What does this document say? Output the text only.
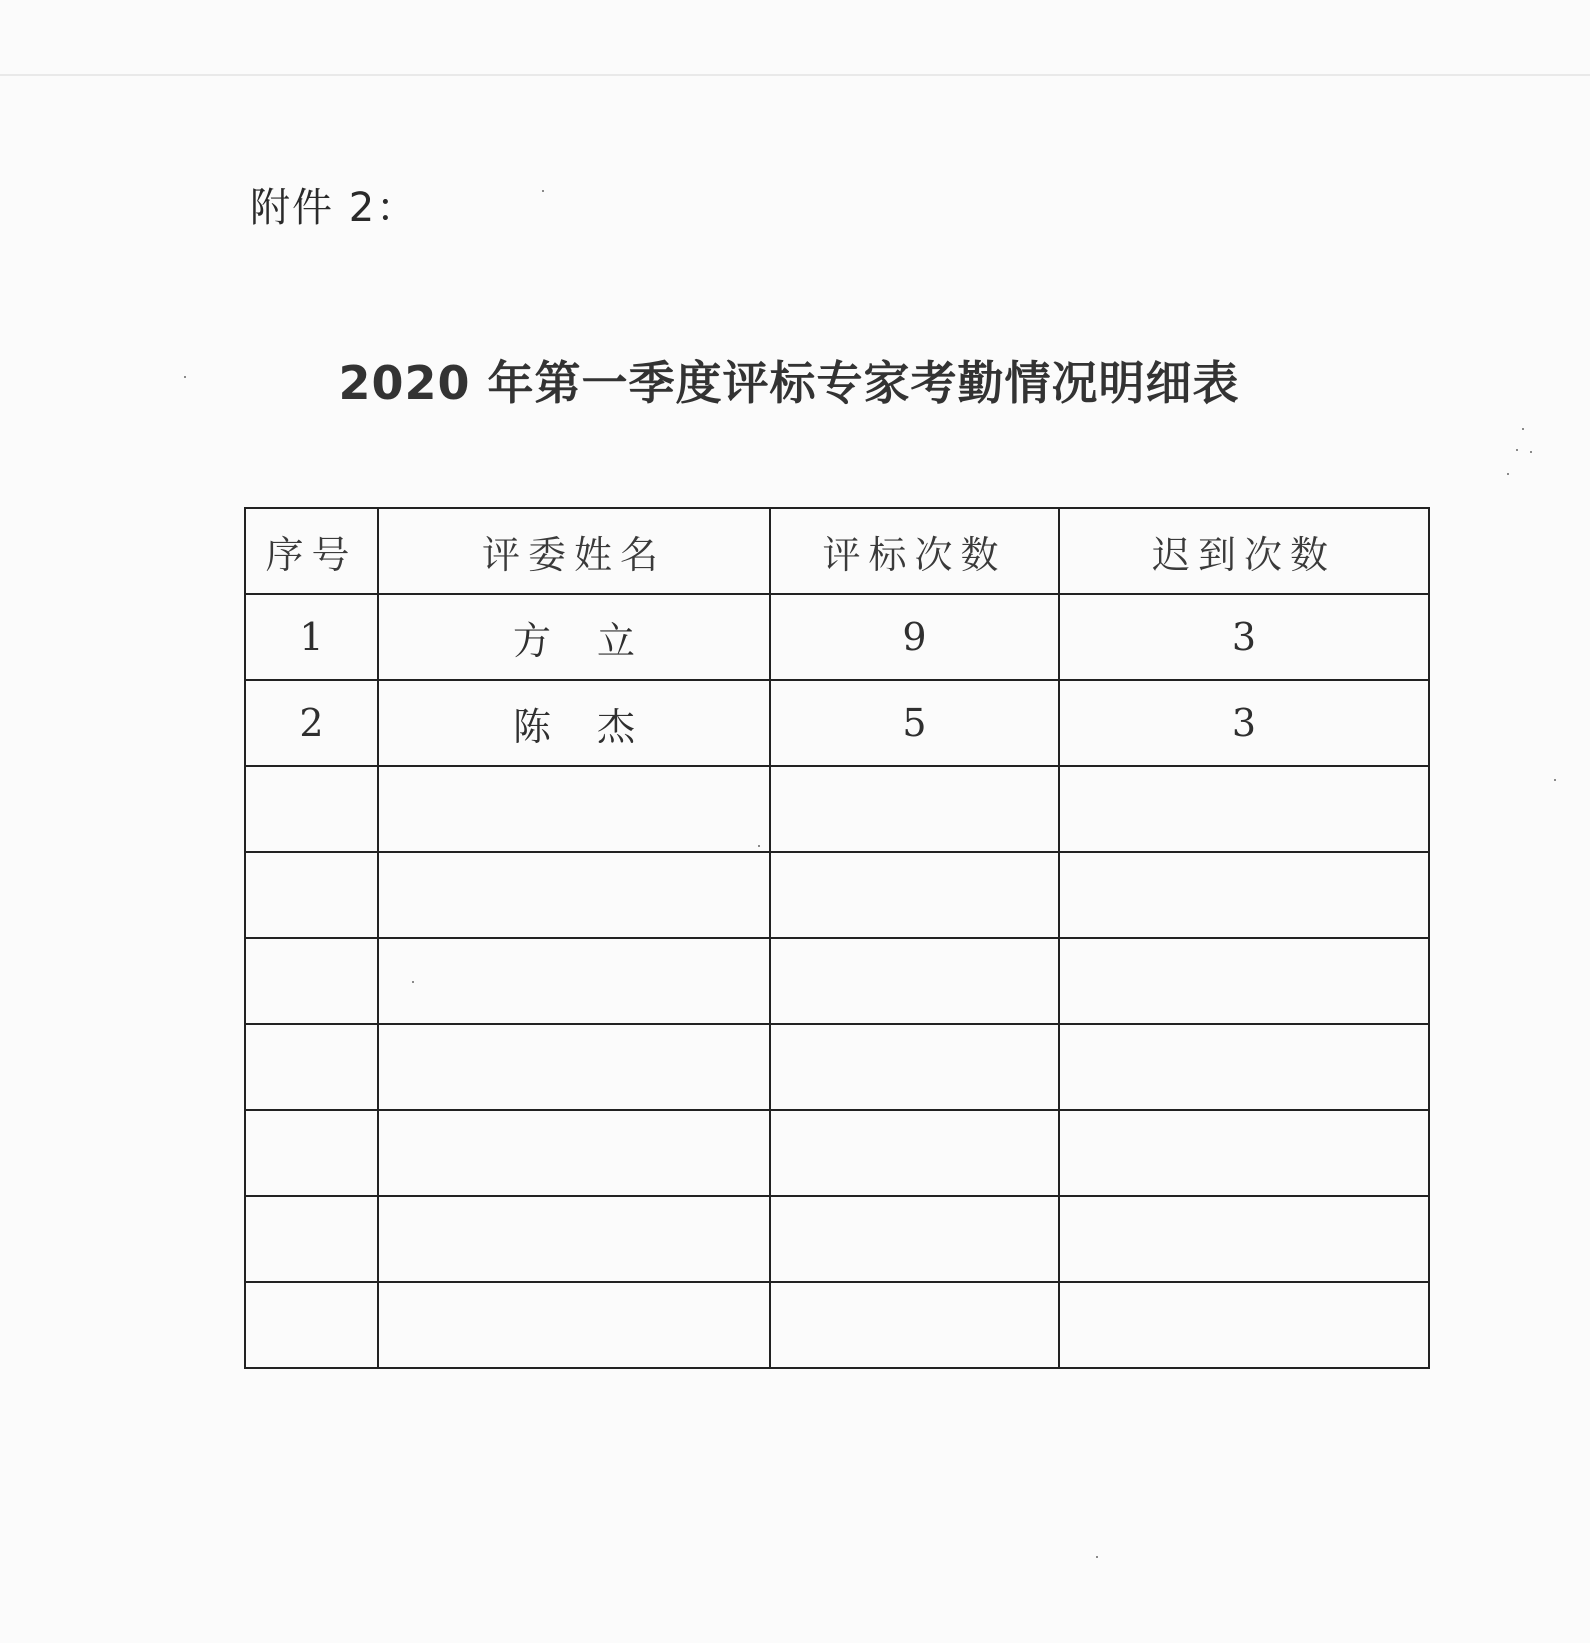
附件 2：
2020 年第一季度评标专家考勤情况明细表
序号	评委姓名	评标次数	迟到次数
1	方立	9	3
2	陈杰	5	3
